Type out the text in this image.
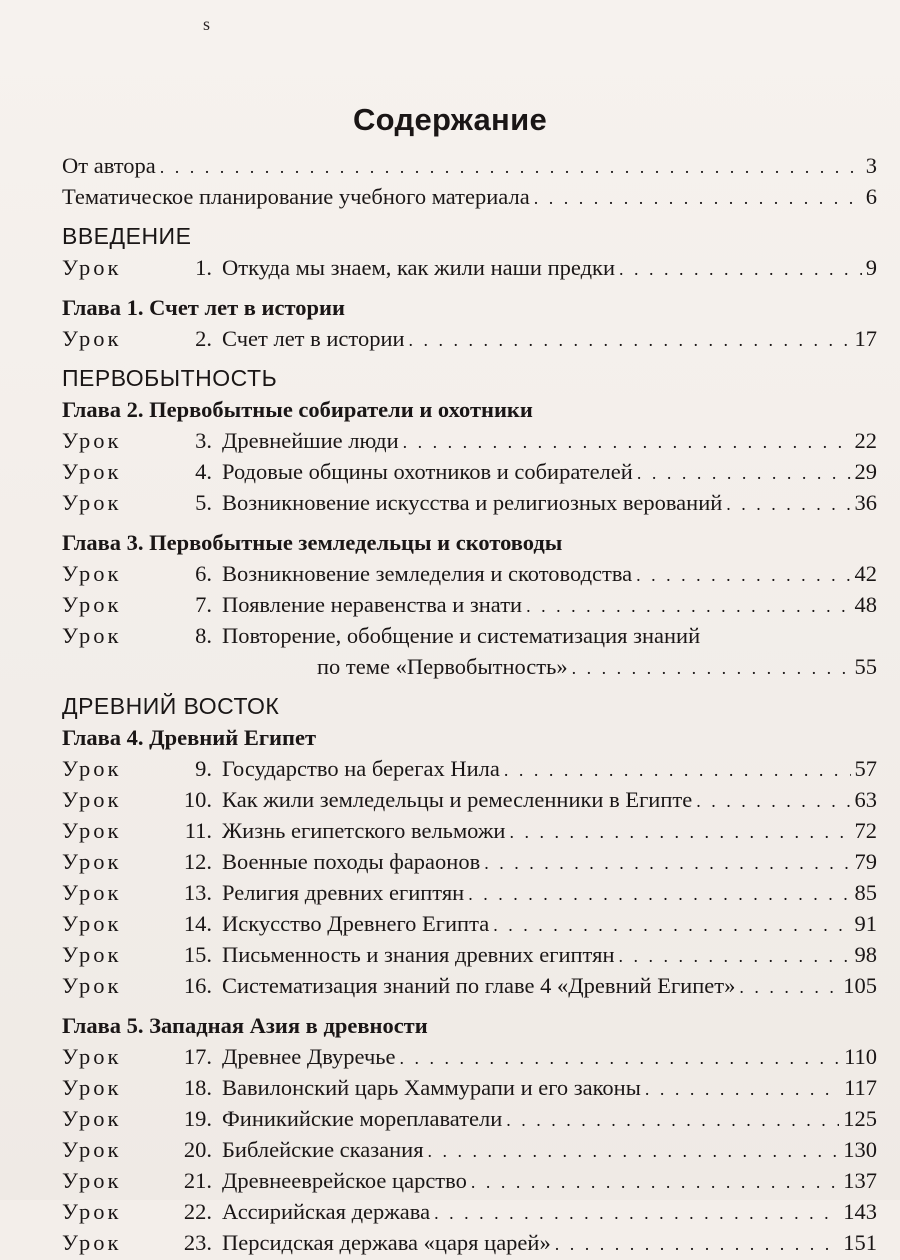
s
Содержание
От автора . . .	3
Тематическое планирование учебного материала . . .	6
ВВЕДЕНИЕ
Урок	1. Откуда мы знаем, как жили наши предки . . .	9
Глава 1. Счет лет в истории
Урок	2. Счет лет в истории . . .	17
ПЕРВОБЫТНОСТЬ
Глава 2. Первобытные собиратели и охотники
Урок	3. Древнейшие люди . . .	22
Урок	4. Родовые общины охотников и собирателей . . .	29
Урок	5. Возникновение искусства и религиозных верований . . .	36
Глава 3. Первобытные земледельцы и скотоводы
Урок	6. Возникновение земледелия и скотоводства . . .	42
Урок	7. Появление неравенства и знати . . .	48
Урок	8. Повторение, обобщение и систематизация знаний
по теме «Первобытность» . . .	55
ДРЕВНИЙ ВОСТОК
Глава 4. Древний Египет
Урок	9. Государство на берегах Нила . . .	57
Урок	10. Как жили земледельцы и ремесленники в Египте . . .	63
Урок	11. Жизнь египетского вельможи . . .	72
Урок	12. Военные походы фараонов . . .	79
Урок	13. Религия древних египтян . . .	85
Урок	14. Искусство Древнего Египта . . .	91
Урок	15. Письменность и знания древних египтян . . .	98
Урок	16. Систематизация знаний по главе 4 «Древний Египет» . . .	105
Глава 5. Западная Азия в древности
Урок	17. Древнее Двуречье . . .	110
Урок	18. Вавилонский царь Хаммурапи и его законы . . .	117
Урок	19. Финикийские мореплаватели . . .	125
Урок	20. Библейские сказания . . .	130
Урок	21. Древнееврейское царство . . .	137
Урок	22. Ассирийская держава . . .	143
Урок	23. Персидская держава «царя царей» . . .	151
